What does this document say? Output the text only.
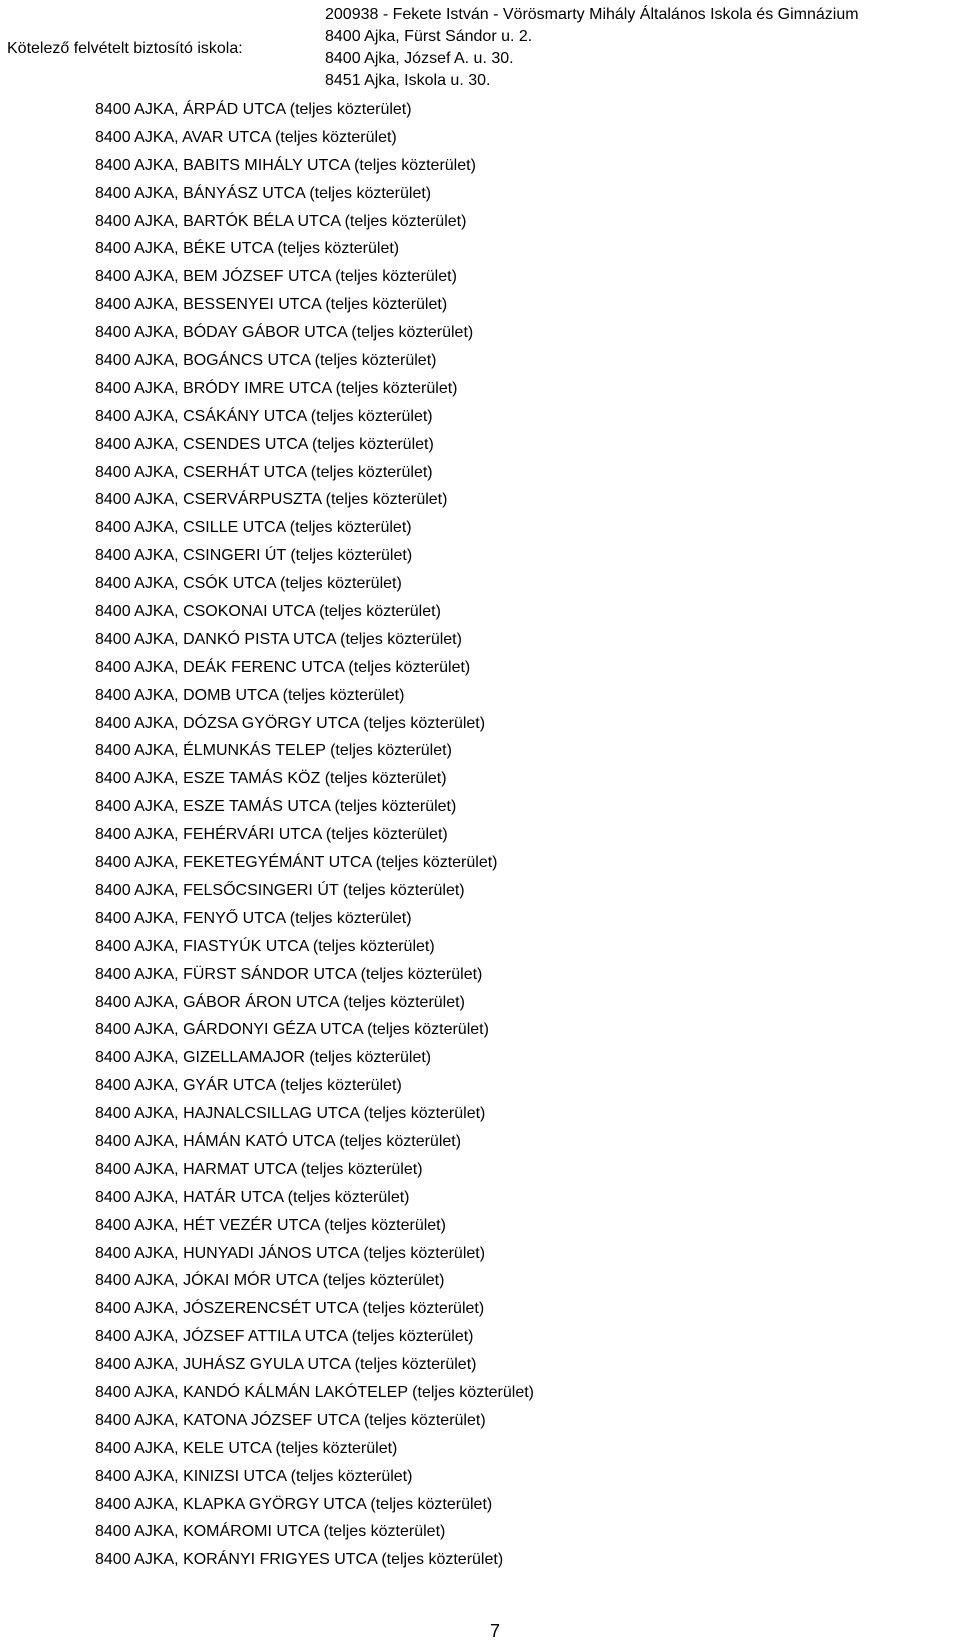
Kötelező felvételt biztosító iskola:
200938 - Fekete István - Vörösmarty Mihály Általános Iskola és Gimnázium
8400 Ajka, Fürst Sándor u. 2.
8400 Ajka, József A. u. 30.
8451 Ajka, Iskola u. 30.
8400 AJKA, ÁRPÁD UTCA (teljes közterület)
8400 AJKA, AVAR UTCA (teljes közterület)
8400 AJKA, BABITS MIHÁLY UTCA (teljes közterület)
8400 AJKA, BÁNYÁSZ UTCA (teljes közterület)
8400 AJKA, BARTÓK BÉLA UTCA (teljes közterület)
8400 AJKA, BÉKE UTCA (teljes közterület)
8400 AJKA, BEM JÓZSEF UTCA (teljes közterület)
8400 AJKA, BESSENYEI UTCA (teljes közterület)
8400 AJKA, BÓDAY GÁBOR UTCA (teljes közterület)
8400 AJKA, BOGÁNCS UTCA (teljes közterület)
8400 AJKA, BRÓDY IMRE UTCA (teljes közterület)
8400 AJKA, CSÁKÁNY UTCA (teljes közterület)
8400 AJKA, CSENDES UTCA (teljes közterület)
8400 AJKA, CSERHÁT UTCA (teljes közterület)
8400 AJKA, CSERVÁRPUSZTA (teljes közterület)
8400 AJKA, CSILLE UTCA (teljes közterület)
8400 AJKA, CSINGERI ÚT (teljes közterület)
8400 AJKA, CSÓK UTCA (teljes közterület)
8400 AJKA, CSOKONAI UTCA (teljes közterület)
8400 AJKA, DANKÓ PISTA UTCA (teljes közterület)
8400 AJKA, DEÁK FERENC UTCA (teljes közterület)
8400 AJKA, DOMB UTCA (teljes közterület)
8400 AJKA, DÓZSA GYÖRGY UTCA (teljes közterület)
8400 AJKA, ÉLMUNKÁS TELEP (teljes közterület)
8400 AJKA, ESZE TAMÁS KÖZ (teljes közterület)
8400 AJKA, ESZE TAMÁS UTCA (teljes közterület)
8400 AJKA, FEHÉRVÁRI UTCA (teljes közterület)
8400 AJKA, FEKETEGYÉMÁNT UTCA (teljes közterület)
8400 AJKA, FELSŐCSINGERI ÚT (teljes közterület)
8400 AJKA, FENYŐ UTCA (teljes közterület)
8400 AJKA, FIASTYÚK UTCA (teljes közterület)
8400 AJKA, FÜRST SÁNDOR UTCA (teljes közterület)
8400 AJKA, GÁBOR ÁRON UTCA (teljes közterület)
8400 AJKA, GÁRDONYI GÉZA UTCA (teljes közterület)
8400 AJKA, GIZELLAMAJOR (teljes közterület)
8400 AJKA, GYÁR UTCA (teljes közterület)
8400 AJKA, HAJNALCSILLAG UTCA (teljes közterület)
8400 AJKA, HÁMÁN KATÓ UTCA (teljes közterület)
8400 AJKA, HARMAT UTCA (teljes közterület)
8400 AJKA, HATÁR UTCA (teljes közterület)
8400 AJKA, HÉT VEZÉR UTCA (teljes közterület)
8400 AJKA, HUNYADI JÁNOS UTCA (teljes közterület)
8400 AJKA, JÓKAI MÓR UTCA (teljes közterület)
8400 AJKA, JÓSZERENCSÉT UTCA (teljes közterület)
8400 AJKA, JÓZSEF ATTILA UTCA (teljes közterület)
8400 AJKA, JUHÁSZ GYULA UTCA (teljes közterület)
8400 AJKA, KANDÓ KÁLMÁN LAKÓTELEP (teljes közterület)
8400 AJKA, KATONA JÓZSEF UTCA (teljes közterület)
8400 AJKA, KELE UTCA (teljes közterület)
8400 AJKA, KINIZSI UTCA (teljes közterület)
8400 AJKA, KLAPKA GYÖRGY UTCA (teljes közterület)
8400 AJKA, KOMÁROMI UTCA (teljes közterület)
8400 AJKA, KORÁNYI FRIGYES UTCA (teljes közterület)
7
